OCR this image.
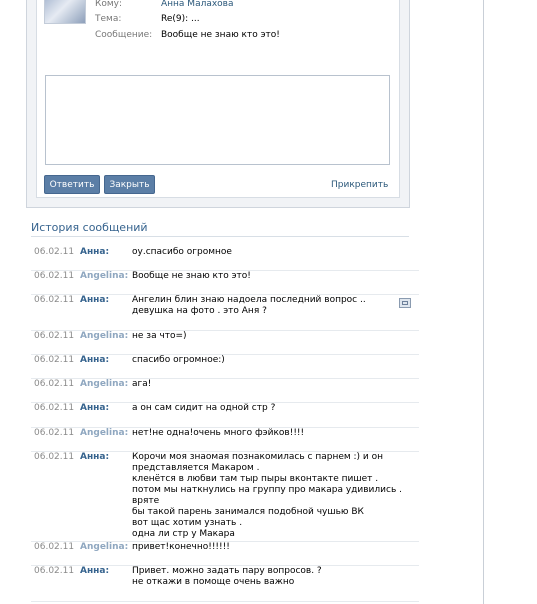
Кому:	Анна Малахова
Тема:	Re(9): ...
Сообщение: Вообще не знаю кто это!
Ответить	Закрыть	Прикрепить
История сообщений
06.02.11 Анна:	оу.спасибо огромное
06.02.11 Angelina: Вообще не знаю кто это!
06.02.11 Анна:	Ангелин блин знаю надоела последний вопрос ..
девушка на фото . это Аня ?
06.02.11 Angelina: не за что=)
06.02.11 Анна:	спасибо огромное:)
06.02.11 Angelina: ага!
06.02.11 Анна:	а он сам сидит на одной стр ?
06.02.11 Angelina: нет!не одна!очень много фэйков!!!!
06.02.11 Анна:	Корочи моя знаомая познакомилась с парнем :) и он
представляется Макаром .
кленётся в любви там тыр пыры вконтакте пишет .
потом мы наткнулись на группу про макара удивились . вряте
бы такой парень занимался подобной чушью ВК
вот щас хотим узнать .
одна ли стр у Макара
06.02.11 Angelina: привет!конечно!!!!!!
06.02.11 Анна:	Привет. можно задать пару вопросов. ?
не откажи в помоще очень важно
